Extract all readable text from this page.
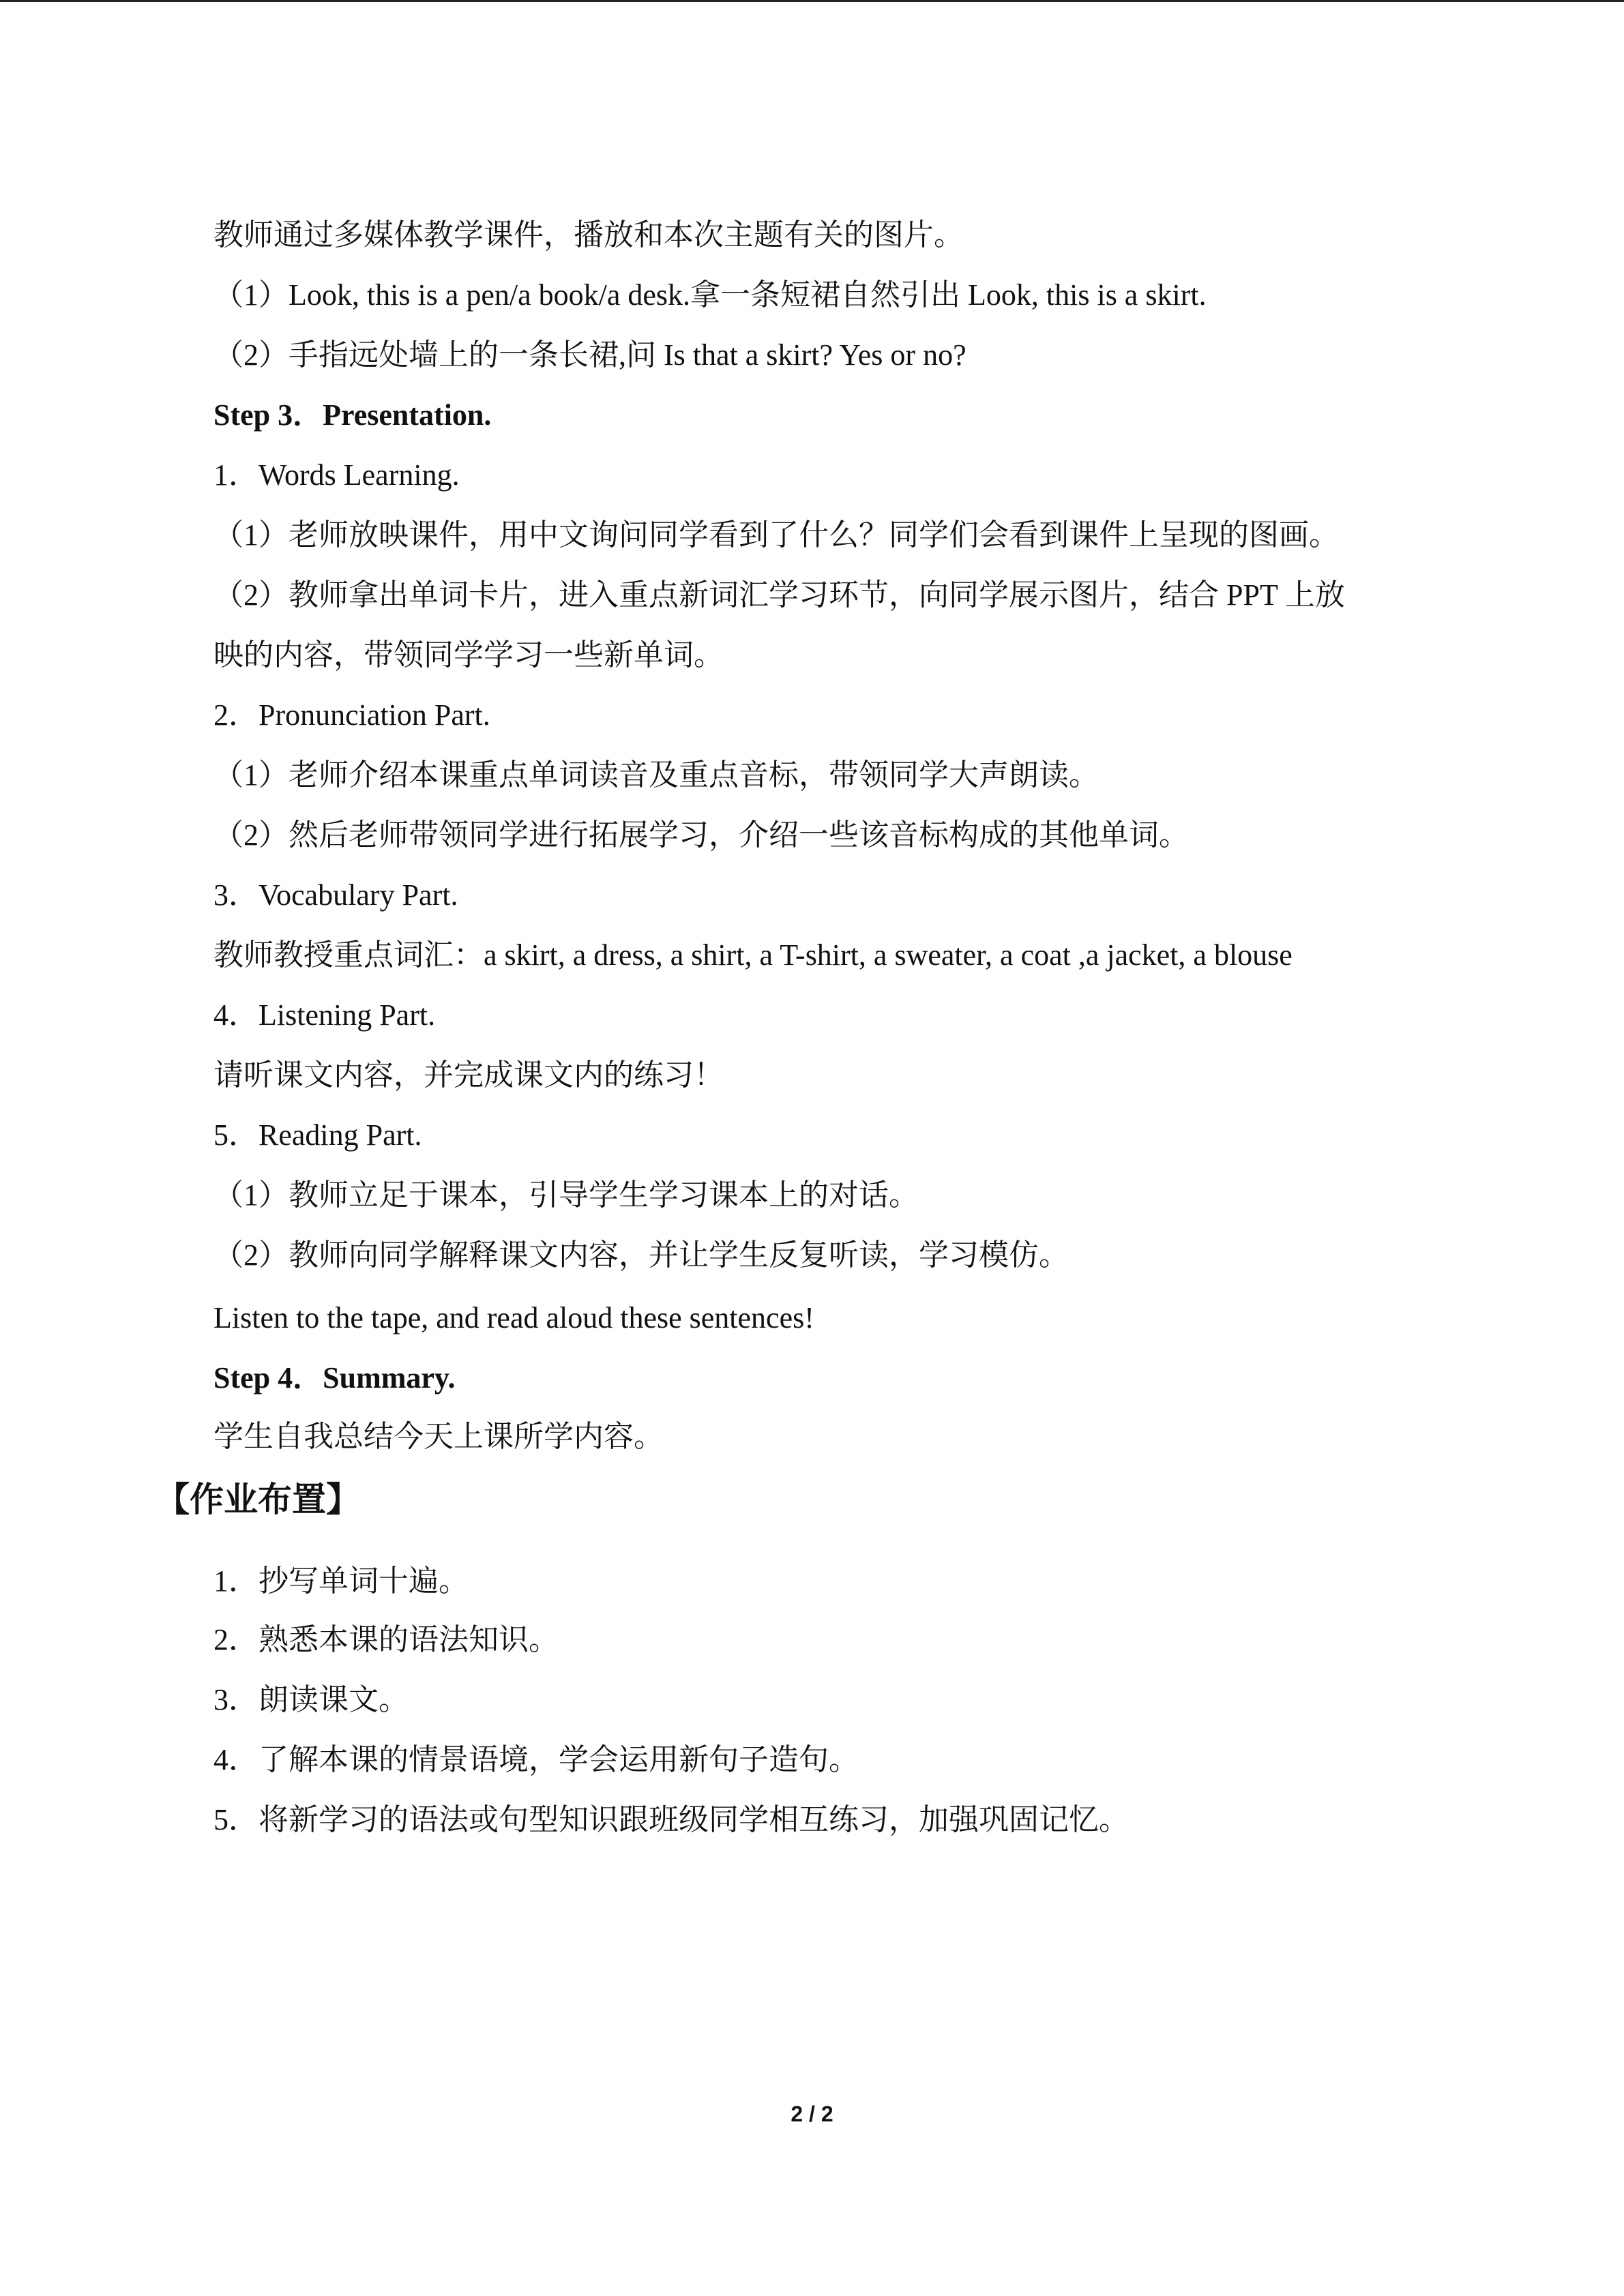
教师通过多媒体教学课件，播放和本次主题有关的图片。
（1）Look, this is a pen/a book/a desk.拿一条短裙自然引出 Look, this is a skirt.
（2）手指远处墙上的一条长裙,问 Is that a skirt? Yes or no?
Step 3．Presentation.
1．Words Learning.
（1）老师放映课件，用中文询问同学看到了什么？同学们会看到课件上呈现的图画。
（2）教师拿出单词卡片，进入重点新词汇学习环节，向同学展示图片，结合 PPT 上放
映的内容，带领同学学习一些新单词。
2．Pronunciation Part.
（1）老师介绍本课重点单词读音及重点音标，带领同学大声朗读。
（2）然后老师带领同学进行拓展学习，介绍一些该音标构成的其他单词。
3．Vocabulary Part.
教师教授重点词汇：a skirt, a dress, a shirt, a T-shirt, a sweater, a coat ,a jacket, a blouse
4．Listening Part.
请听课文内容，并完成课文内的练习！
5．Reading Part.
（1）教师立足于课本，引导学生学习课本上的对话。
（2）教师向同学解释课文内容，并让学生反复听读，学习模仿。
Listen to the tape, and read aloud these sentences!
Step 4．Summary.
学生自我总结今天上课所学内容。
【作业布置】
1．抄写单词十遍。
2．熟悉本课的语法知识。
3．朗读课文。
4．了解本课的情景语境，学会运用新句子造句。
5．将新学习的语法或句型知识跟班级同学相互练习，加强巩固记忆。
2 / 2
